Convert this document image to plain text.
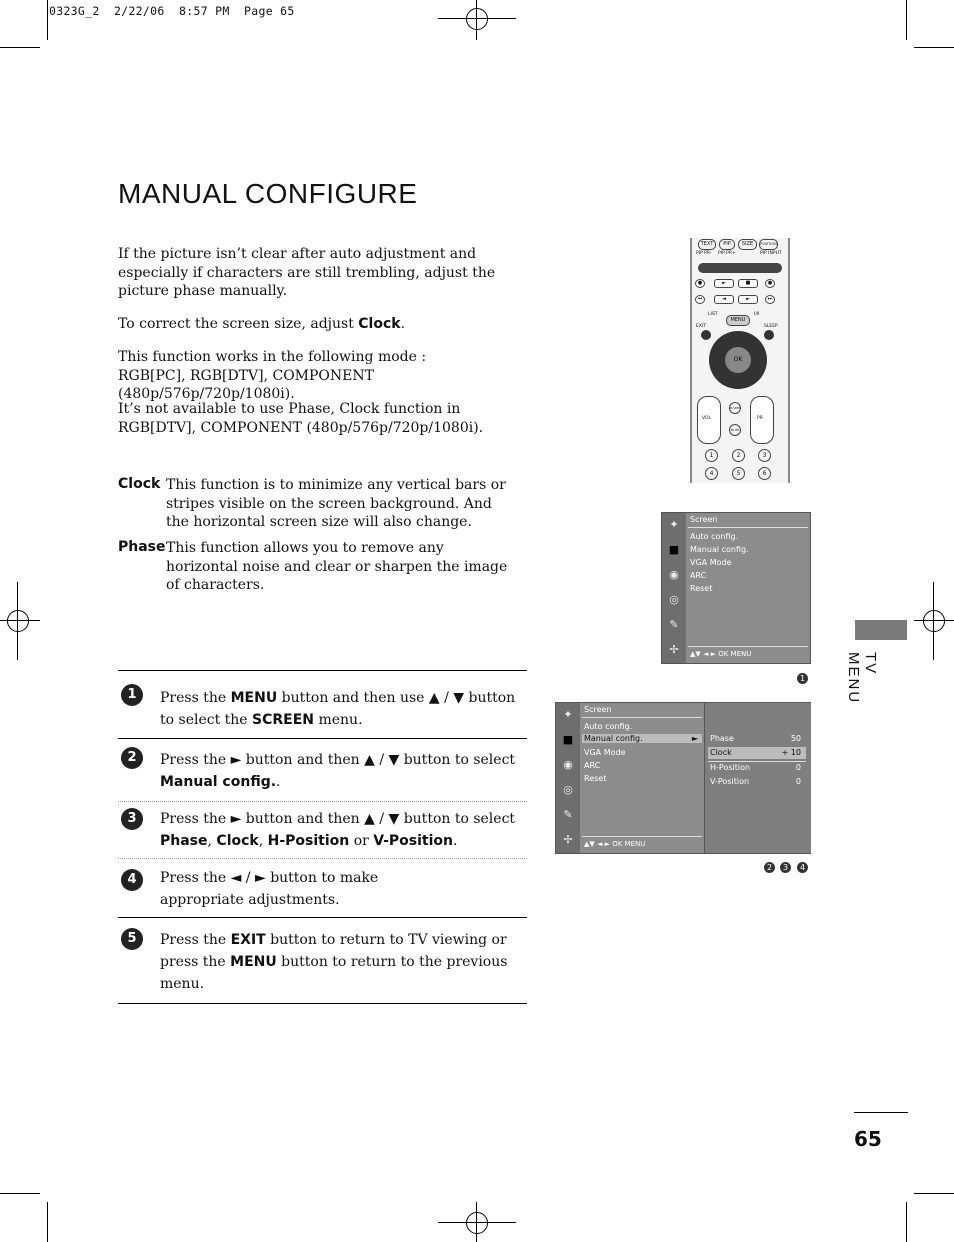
0323G_2  2/22/06  8:57 PM  Page 65
MANUAL CONFIGURE
If the picture isn’t clear after auto adjustment and especially if characters are still trembling, adjust the picture phase manually.
To correct the screen size, adjust Clock.
This function works in the following mode : RGB[PC], RGB[DTV], COMPONENT (480p/576p/720p/1080i).
It’s not available to use Phase, Clock function in RGB[DTV], COMPONENT (480p/576p/720p/1080i).
Clock This function is to minimize any vertical bars or stripes visible on the screen background. And the horizontal screen size will also change.
Phase This function allows you to remove any horizontal noise and clear or sharpen the image of characters.
1	Press the MENU button and then use ▲ / ▼ button to select the SCREEN menu.
2	Press the ► button and then ▲ / ▼ button to select Manual config..
3	Press the ► button and then ▲ / ▼ button to select Phase, Clock, H-Position or V-Position.
4	Press the ◄ / ► button to make appropriate adjustments.
5	Press the EXIT button to return to TV viewing or press the MENU button to return to the previous menu.
TEXT	PIP	SIZE	POSITION
PIP PR- PIP PR+	PIP INPUT
●	►	■	●
⏮	◄	►	⏭
LIST	I/II
EXIT
MENU
SLEEP
OK
VOL	PR
Q.VIEW
MUTE
1	2	3
4	5	6
✦
■
◉
◎
✎
✢
Screen
Auto config.
Manual config.
VGA Mode
ARC
Reset
▲▼ ◄ ► OK MENU
1
✦
■
◉
◎
✎
✢
Screen
Auto config.
Manual config.	►
VGA Mode
ARC
Reset
▲▼ ◄ ► OK MENU
Phase	50
Clock	+ 10
H-Position	0
V-Position	0
2	3	4
TV MENU
65
